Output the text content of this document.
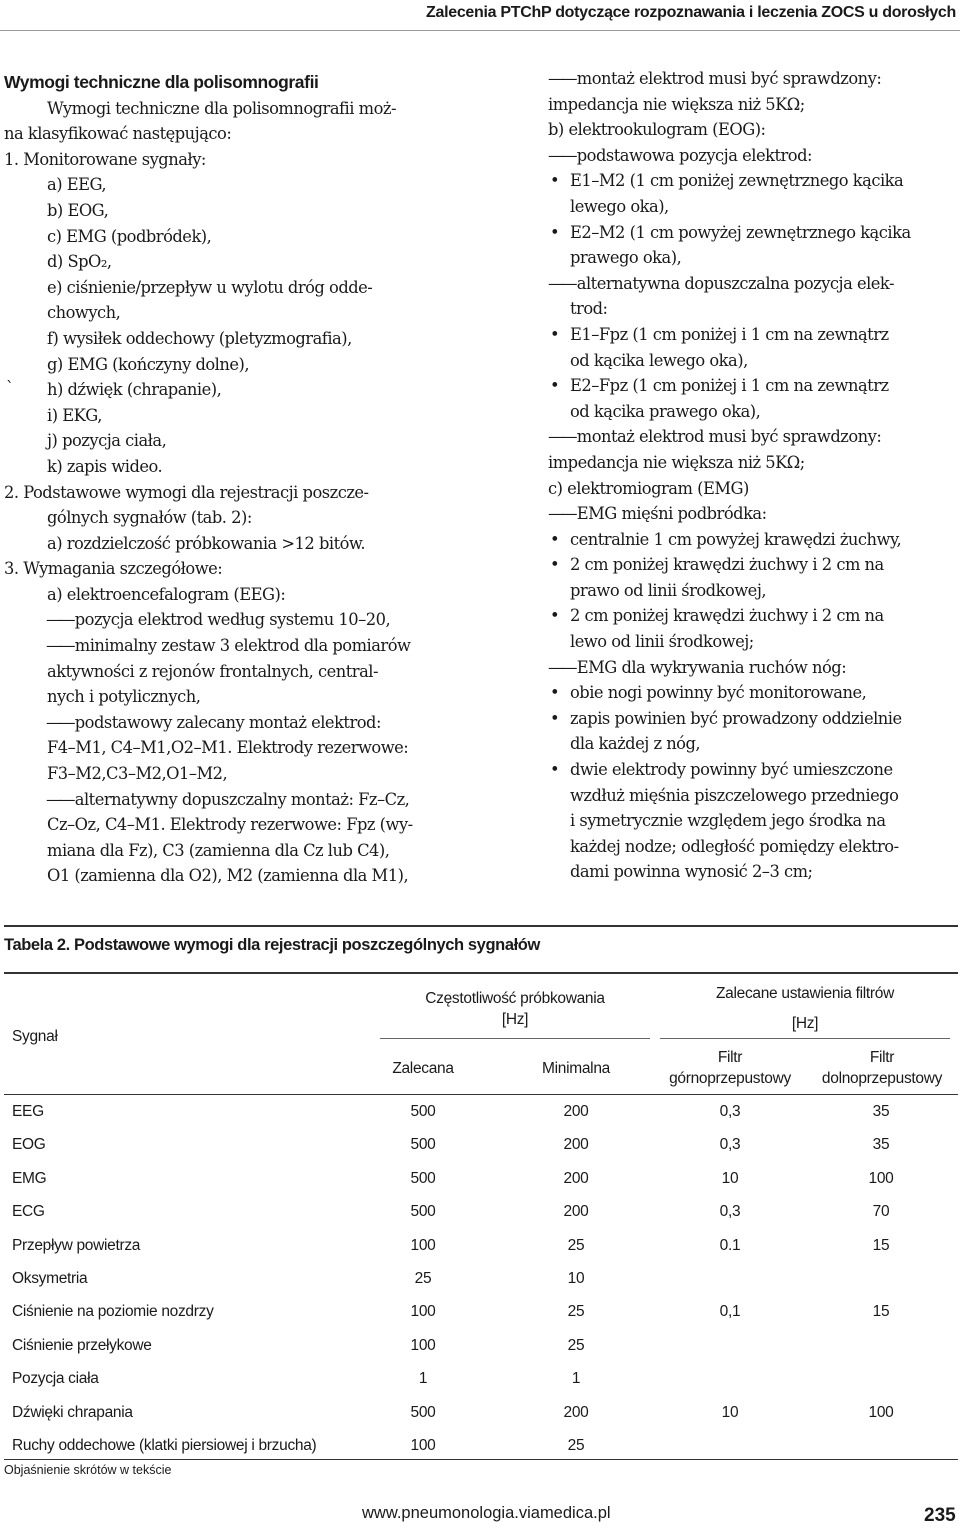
Zalecenia PTChP dotyczące rozpoznawania i leczenia ZOCS u dorosłych

Wymogi techniczne dla polisomnografii

Wymogi techniczne dla polisomnografii moż-

na klasyfikować następująco:

1. Monitorowane sygnały:

a) EEG,

b) EOG,

c) EMG (podbródek),

d) SpO₂,

e) ciśnienie/przepływ u wylotu dróg odde-

chowych,

f) wysiłek oddechowy (pletyzmografia),

g) EMG (kończyny dolne),

h) dźwięk (chrapanie),

i) EKG,

j) pozycja ciała,

k) zapis wideo.

2. Podstawowe wymogi dla rejestracji poszcze-

gólnych sygnałów (tab. 2):

a) rozdzielczość próbkowania >12 bitów.

3. Wymagania szczegółowe:

a) elektroencefalogram (EEG):

—— pozycja elektrod według systemu 10–20,

—— minimalny zestaw 3 elektrod dla pomiarów

aktywności z rejonów frontalnych, central-

nych i potylicznych,

—— podstawowy zalecany montaż elektrod:

F4–M1, C4–M1,O2–M1. Elektrody rezerwowe:

F3–M2,C3–M2,O1–M2,

—— alternatywny dopuszczalny montaż: Fz–Cz,

Cz–Oz, C4–M1. Elektrody rezerwowe: Fpz (wy-

miana dla Fz), C3 (zamienna dla Cz lub C4),

O1 (zamienna dla O2), M2 (zamienna dla M1),

`

—— montaż elektrod musi być sprawdzony:

impedancja nie większa niż 5KΩ;

b) elektrookulogram (EOG):

—— podstawowa pozycja elektrod:

• E1–M2 (1 cm poniżej zewnętrznego kącika

lewego oka),

• E2–M2 (1 cm powyżej zewnętrznego kącika

prawego oka),

—— alternatywna dopuszczalna pozycja elek-

trod:

• E1–Fpz (1 cm poniżej i 1 cm na zewnątrz

od kącika lewego oka),

• E2–Fpz (1 cm poniżej i 1 cm na zewnątrz

od kącika prawego oka),

—— montaż elektrod musi być sprawdzony:

impedancja nie większa niż 5KΩ;

c) elektromiogram (EMG)

—— EMG mięśni podbródka:

• centralnie 1 cm powyżej krawędzi żuchwy,

• 2 cm poniżej krawędzi żuchwy i 2 cm na

prawo od linii środkowej,

• 2 cm poniżej krawędzi żuchwy i 2 cm na

lewo od linii środkowej;

—— EMG dla wykrywania ruchów nóg:

• obie nogi powinny być monitorowane,

• zapis powinien być prowadzony oddzielnie

dla każdej z nóg,

• dwie elektrody powinny być umieszczone

wzdłuż mięśnia piszczelowego przedniego

i symetrycznie względem jego środka na

każdej nodze; odległość pomiędzy elektro-

dami powinna wynosić 2–3 cm;

Tabela 2. Podstawowe wymogi dla rejestracji poszczególnych sygnałów
Sygnał
Częstotliwość próbkowania
[Hz]
Zalecane ustawienia filtrów
[Hz]
Zalecana	Minimalna
Filtr
górnoprzepustowy
Filtr
dolnoprzepustowy
EEG	500	200	0,3	35
EOG	500	200	0,3	35
EMG	500	200	10	100
ECG	500	200	0,3	70
Przepływ powietrza	100	25	0.1	15
Oksymetria	25	10
Ciśnienie na poziomie nozdrzy	100	25	0,1	15
Ciśnienie przełykowe	100	25
Pozycja ciała	1	1
Dźwięki chrapania	500	200	10	100
Ruchy oddechowe (klatki piersiowej i brzucha)	100	25
Objaśnienie skrótów w tekście
www.pneumonologia.viamedica.pl	235
